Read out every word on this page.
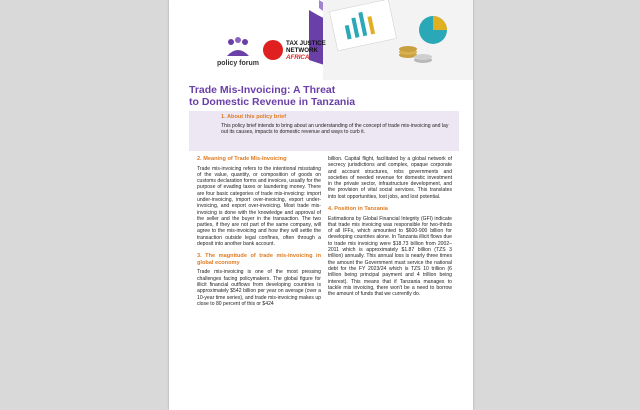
policy forum
TAX JUSTICE
NETWORK
AFRICA
Trade Mis-Invoicing: A Threat
to Domestic Revenue in Tanzania
1. About this policy brief

This policy brief intends to bring about an understanding of the concept of trade mis-invoicing and lay out its causes, impacts to domestic revenue and ways to curb it.

2. Meaning of Trade Mis-Invoicing

Trade mis-invoicing refers to the intentional misstating of the value, quantity, or composition of goods on customs declaration forms and invoices, usually for the purpose of evading taxes or laundering money. There are four basic categories of trade mis-invoicing: import under-invoicing, import over-invoicing, export under-invoicing, and export over-invoicing. Most trade mis-invoicing is done with the knowledge and approval of the seller and the buyer in the transaction. The two parties, if they are not part of the same company, will agree to the mis-invoicing and how they will settle the transaction outside legal confines, often through a deposit into another bank account.

3. The magnitude of trade mis-invoicing in global economy

Trade mis-invoicing is one of the most pressing challenges facing policymakers. The global figure for illicit financial outflows from developing countries is approximately $542 billion per year on average (over a 10-year time series), and trade mis-invoicing makes up close to 80 percent of this or $424

billion. Capital flight, facilitated by a global network of secrecy jurisdictions and complex, opaque corporate and account structures, robs governments and societies of needed revenue for domestic investment in the private sector, infrastructure development, and the provision of vital social services. This translates into lost opportunities, lost jobs, and lost potential.

4. Position in Tanzania

Estimations by Global Financial Integrity (GFI) indicate that trade mis invoicing was responsible for two-thirds of all IFFs, which amounted to $600-900 billion for developing countries alone. In Tanzania illicit flows due to trade mis invoicing were $18.73 billion from 2002–2011 which is approximately $1.87 billion (TZS 3 trillion) annually. This annual loss is nearly three times the amount the Government must service the national debt for the FY 2023/24 which is TZS 10 trillion (6 trillion being principal payment and 4 trillion being interest). This means that if Tanzania manages to tackle mis invoicing, there won't be a need to borrow the amount of funds that we currently do.
